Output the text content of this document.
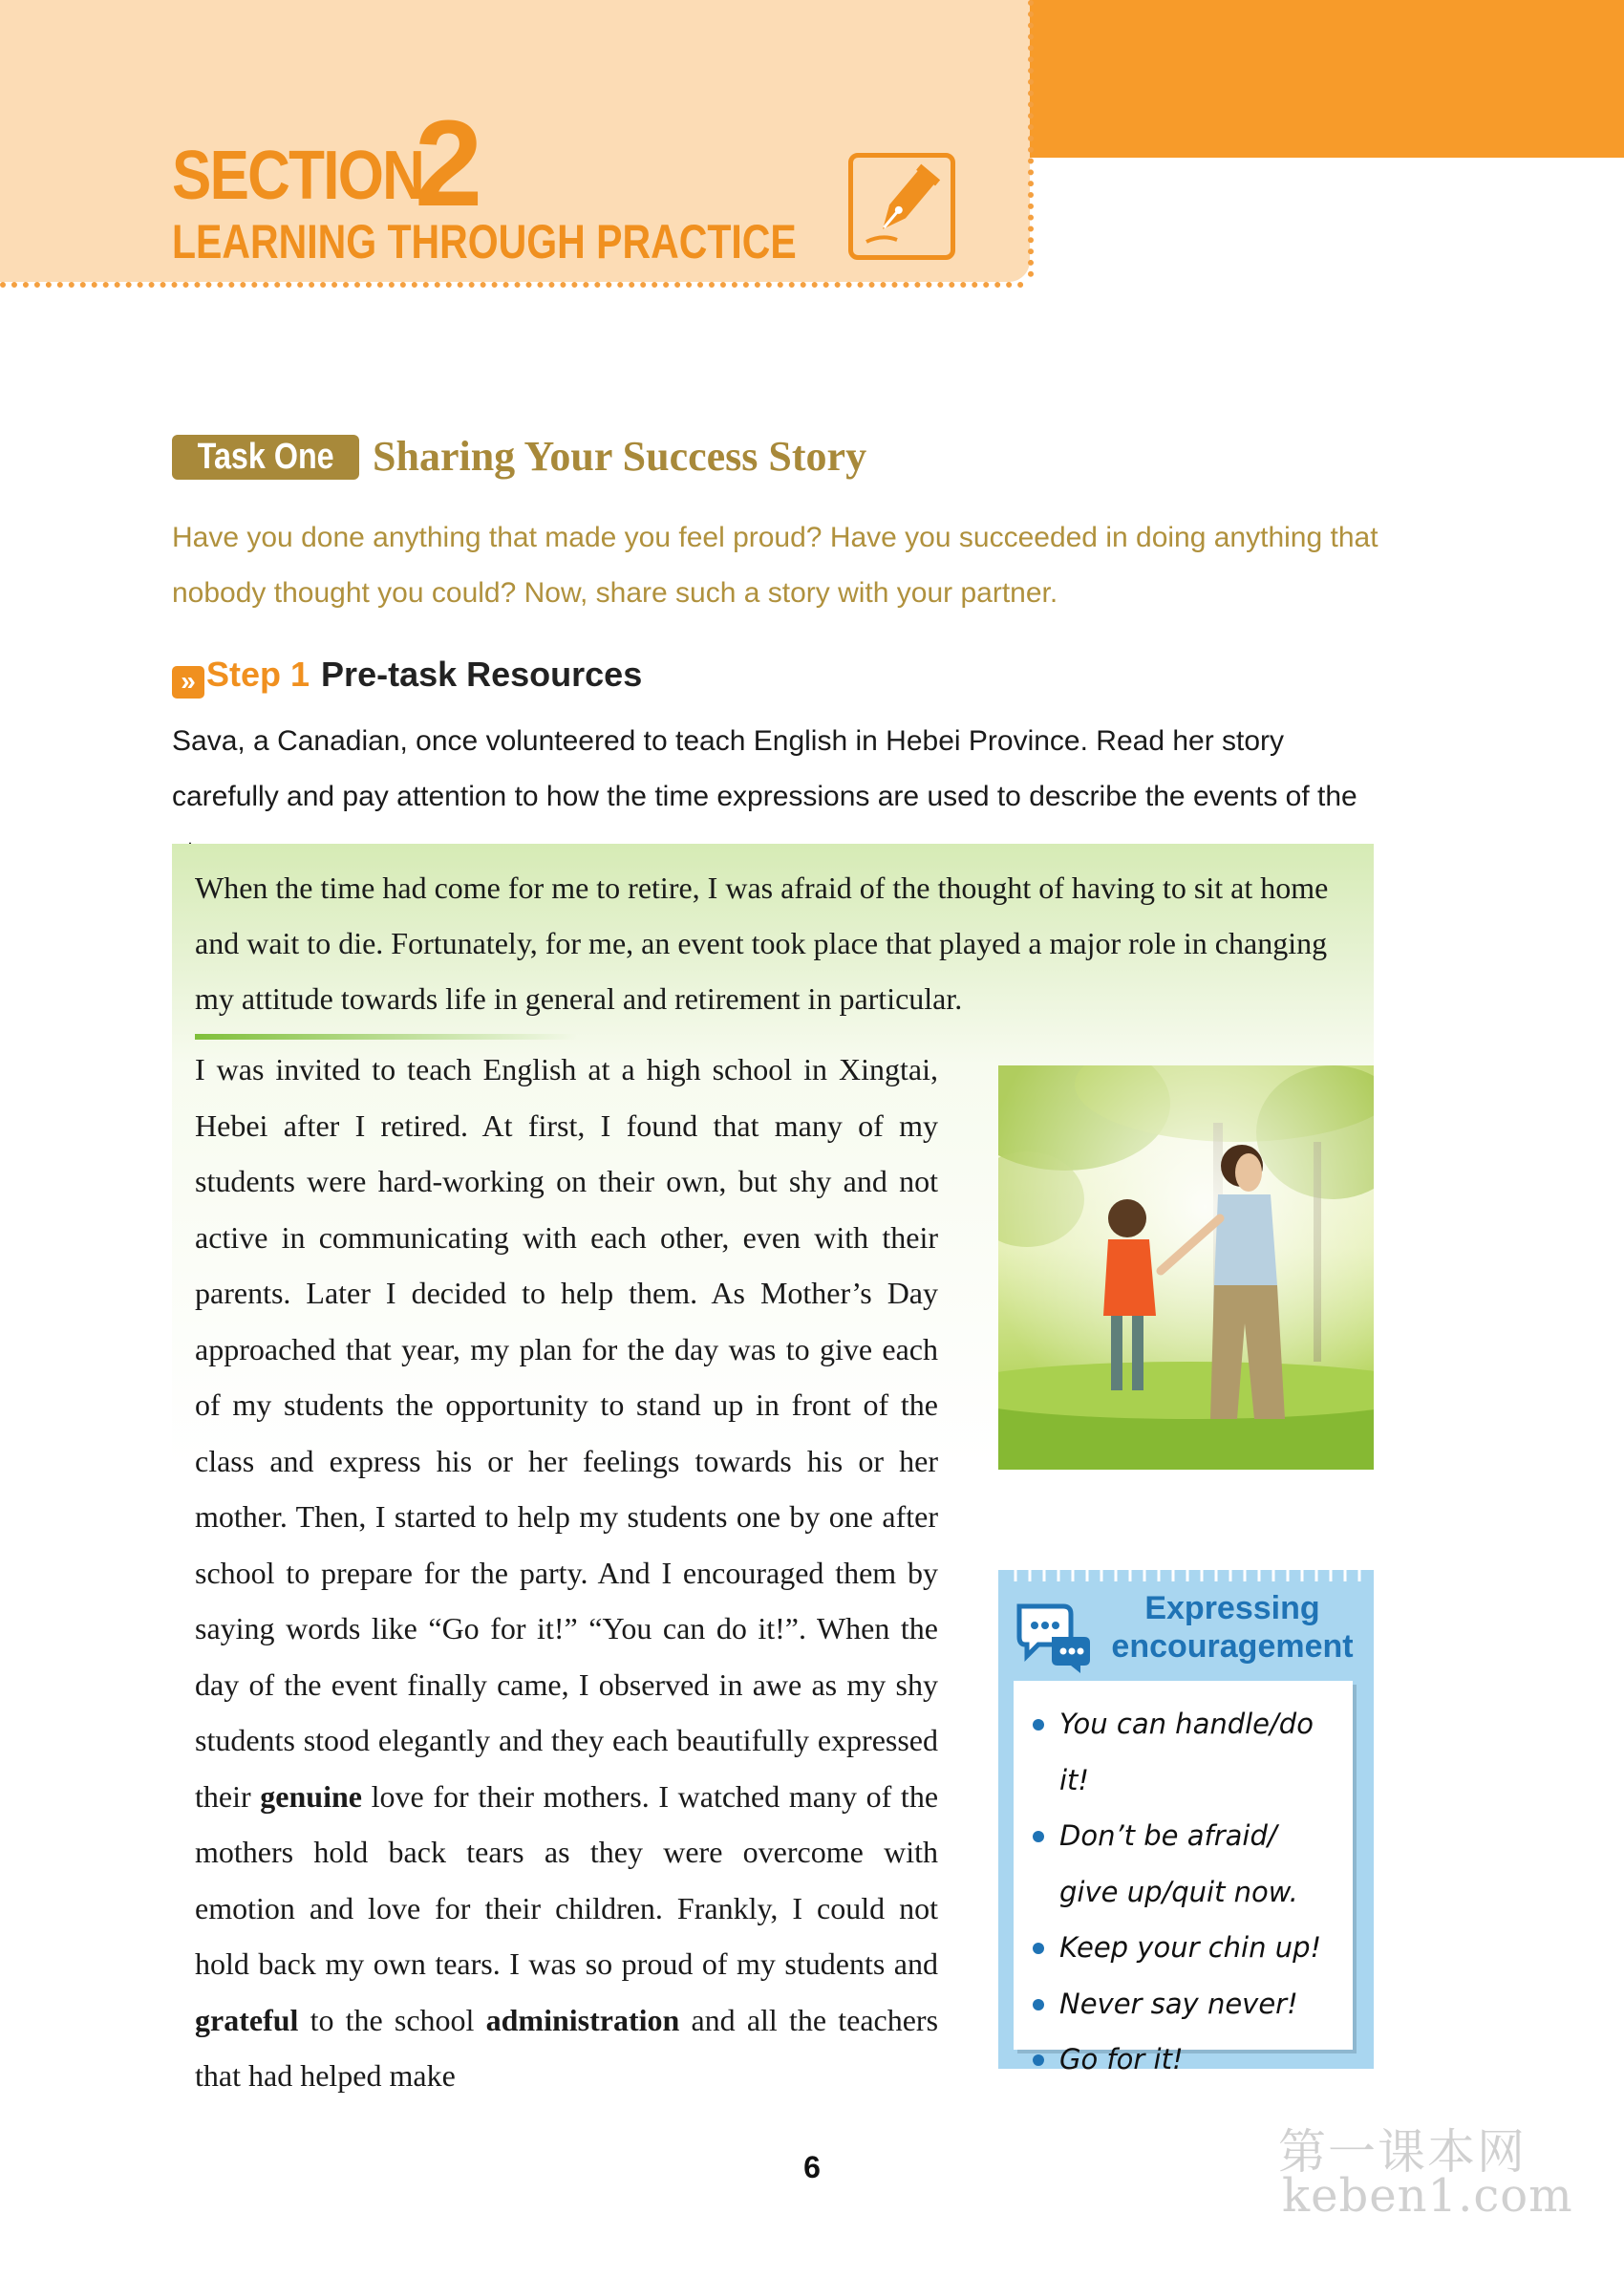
SECTION
2
LEARNING THROUGH PRACTICE
Task One Sharing Your Success Story
Have you done anything that made you feel proud? Have you succeeded in doing anything that nobody thought you could? Now, share such a story with your partner.
» Step 1 Pre-task Resources
Sava, a Canadian, once volunteered to teach English in Hebei Province. Read her story carefully and pay attention to how the time expressions are used to describe the events of the
When the time had come for me to retire, I was afraid of the thought of having to sit at home and wait to die. Fortunately, for me, an event took place that played a major role in changing my attitude towards life in general and retirement in particular.
I was invited to teach English at a high school in Xingtai, Hebei after I retired. At first, I found that many of my students were hard-working on their own, but shy and not active in communicating with each other, even with their parents. Later I decided to help them. As Mother’s Day approached that year, my plan for the day was to give each of my students the opportunity to stand up in front of the class and express his or her feelings towards his or her mother. Then, I started to help my students one by one after school to prepare for the party. And I encouraged them by saying words like “Go for it!” “You can do it!”. When the day of the event finally came, I observed in awe as my shy students stood elegantly and they each beautifully expressed their genuine love for their mothers. I watched many of the mothers hold back tears as they were overcome with emotion and love for their children. Frankly, I could not hold back my own tears. I was so proud of my students and grateful to the school administration and all the teachers that had helped make
Expressing
encouragement
You can handle/do it!
Don’t be afraid/
give up/quit now.
Keep your chin up!
Never say never!
Go for it!
6	第一课本网
keben1.com
